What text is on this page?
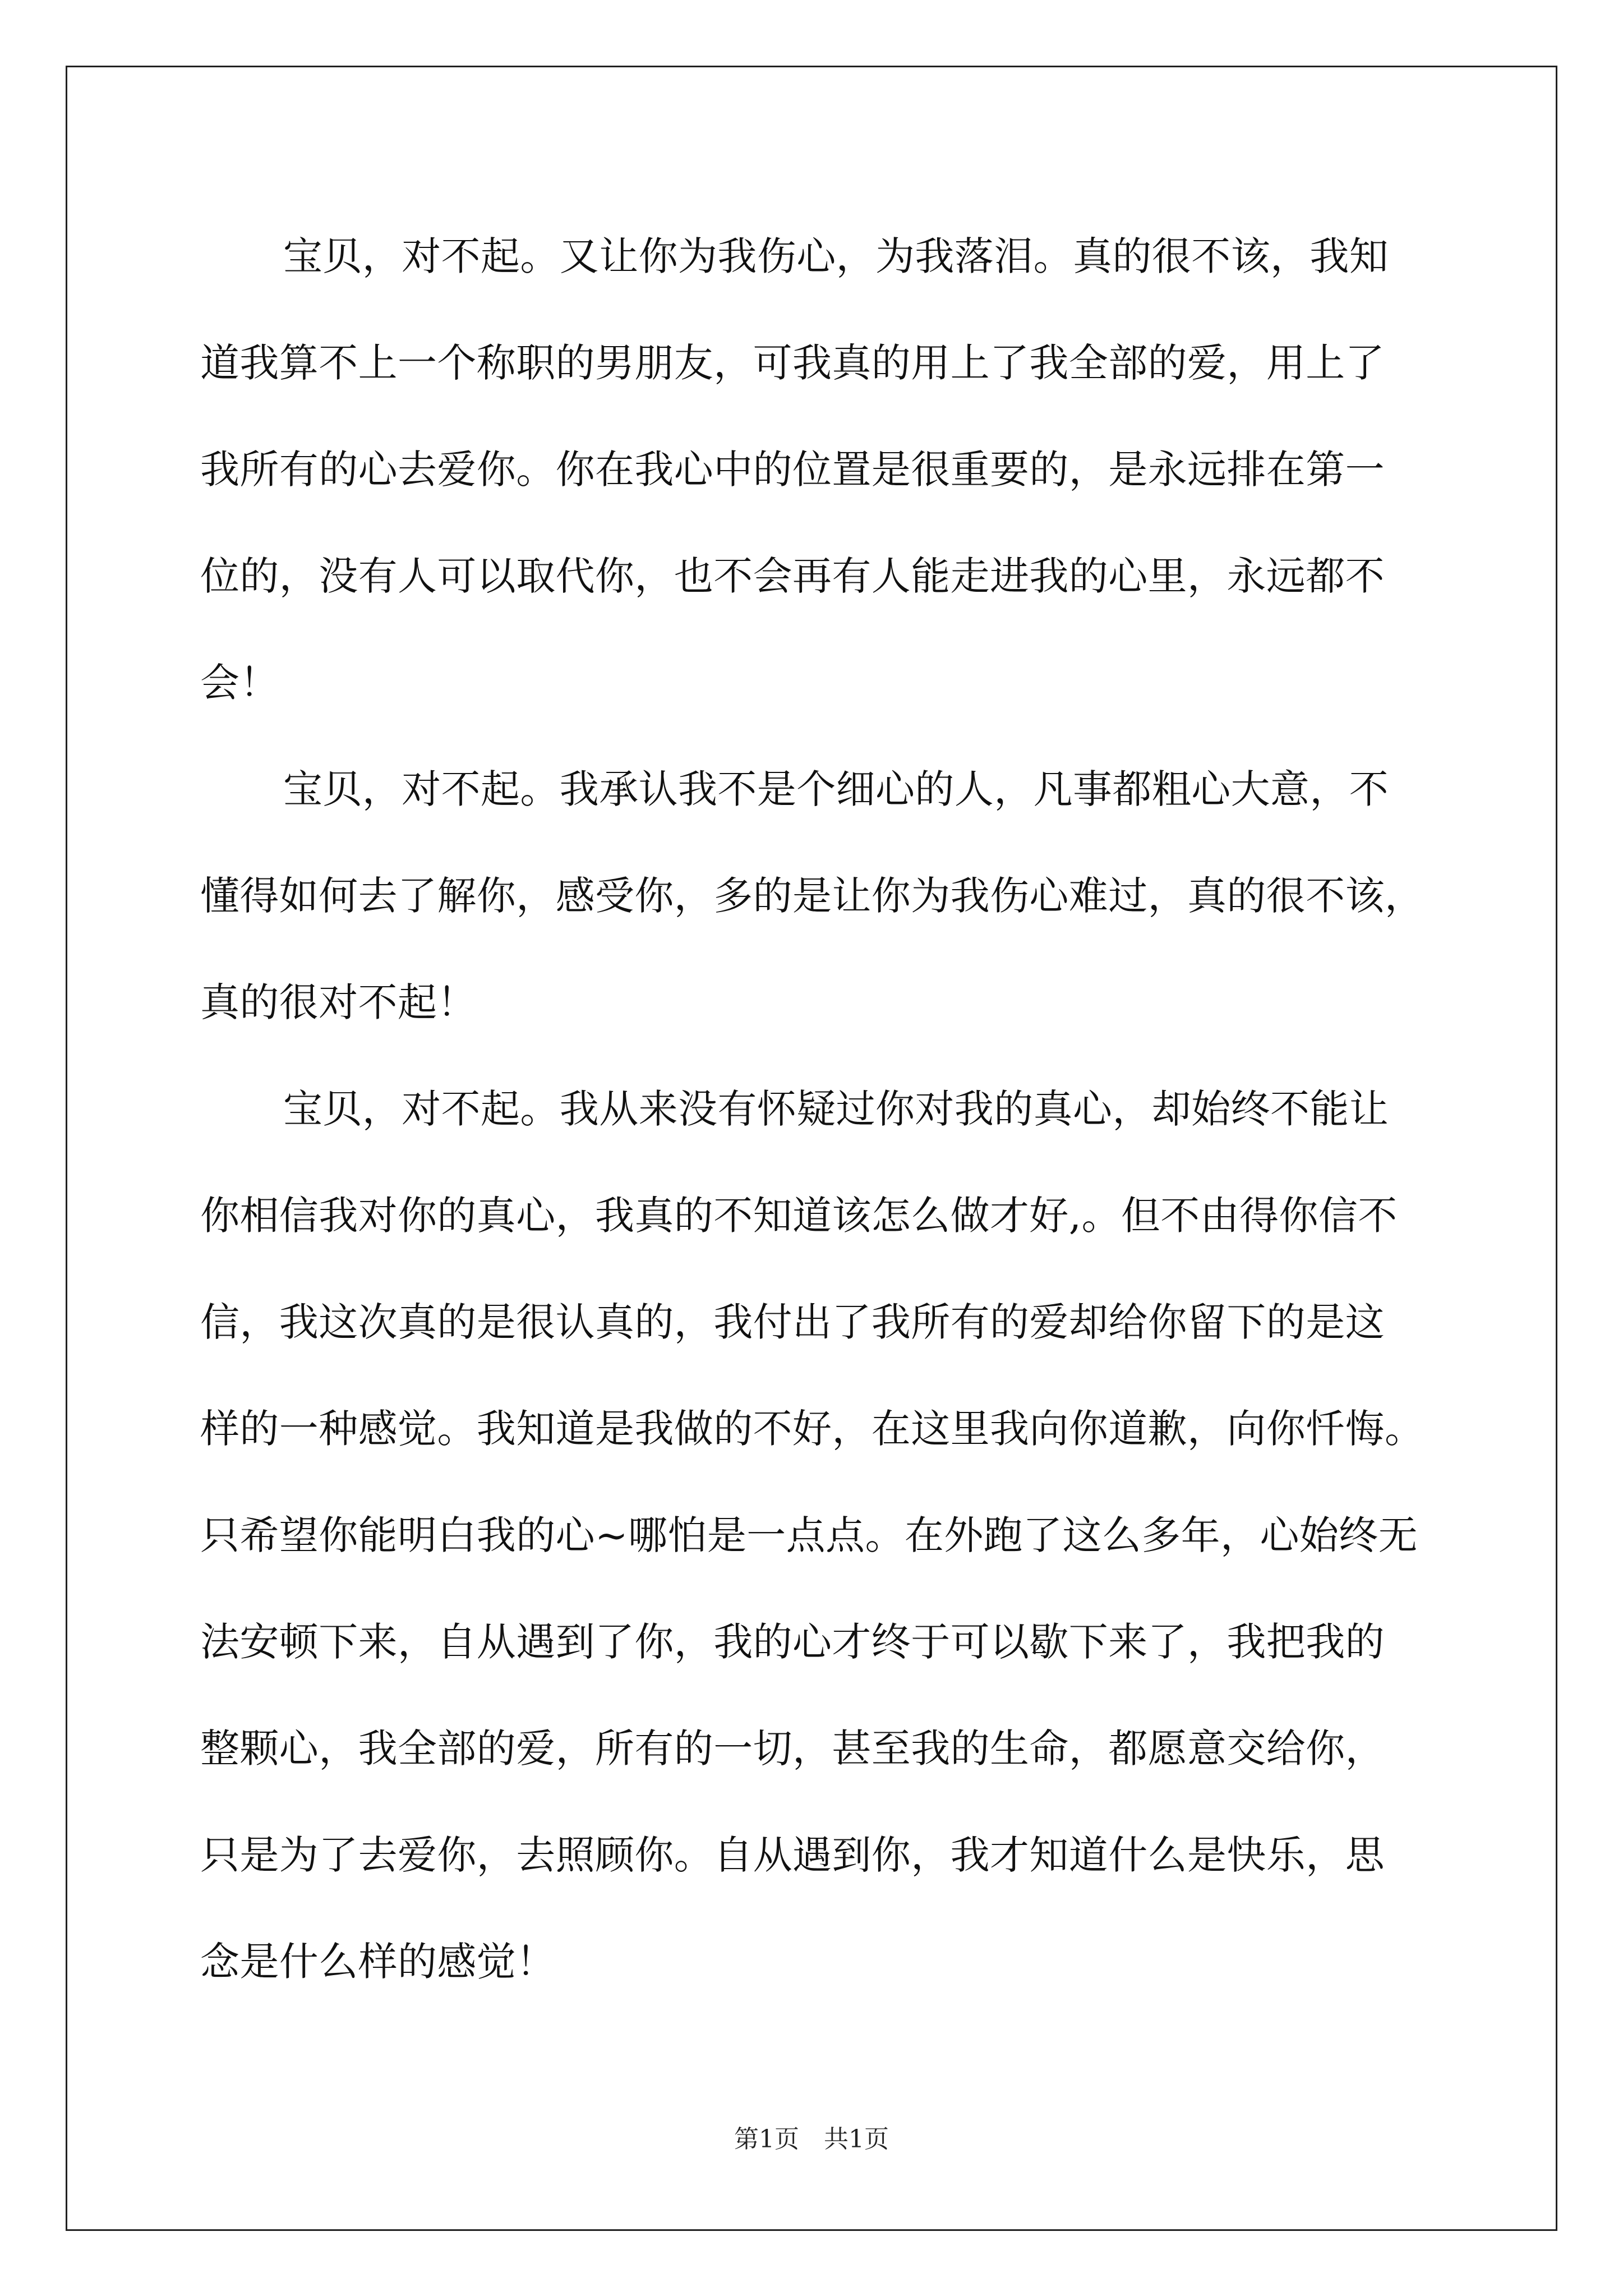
宝贝，对不起。又让你为我伤心，为我落泪。真的很不该，我知
道我算不上一个称职的男朋友，可我真的用上了我全部的爱，用上了
我所有的心去爱你。你在我心中的位置是很重要的，是永远排在第一
位的，没有人可以取代你，也不会再有人能走进我的心里，永远都不
会！
宝贝，对不起。我承认我不是个细心的人，凡事都粗心大意，不
懂得如何去了解你，感受你，多的是让你为我伤心难过，真的很不该，
真的很对不起！
宝贝，对不起。我从来没有怀疑过你对我的真心，却始终不能让
你相信我对你的真心，我真的不知道该怎么做才好,。但不由得你信不
信，我这次真的是很认真的，我付出了我所有的爱却给你留下的是这
样的一种感觉。我知道是我做的不好，在这里我向你道歉，向你忏悔。
只希望你能明白我的心~哪怕是一点点。在外跑了这么多年，心始终无
法安顿下来，自从遇到了你，我的心才终于可以歇下来了，我把我的
整颗心，我全部的爱，所有的一切，甚至我的生命，都愿意交给你，
只是为了去爱你，去照顾你。自从遇到你，我才知道什么是快乐，思
念是什么样的感觉！
第1页　共1页
